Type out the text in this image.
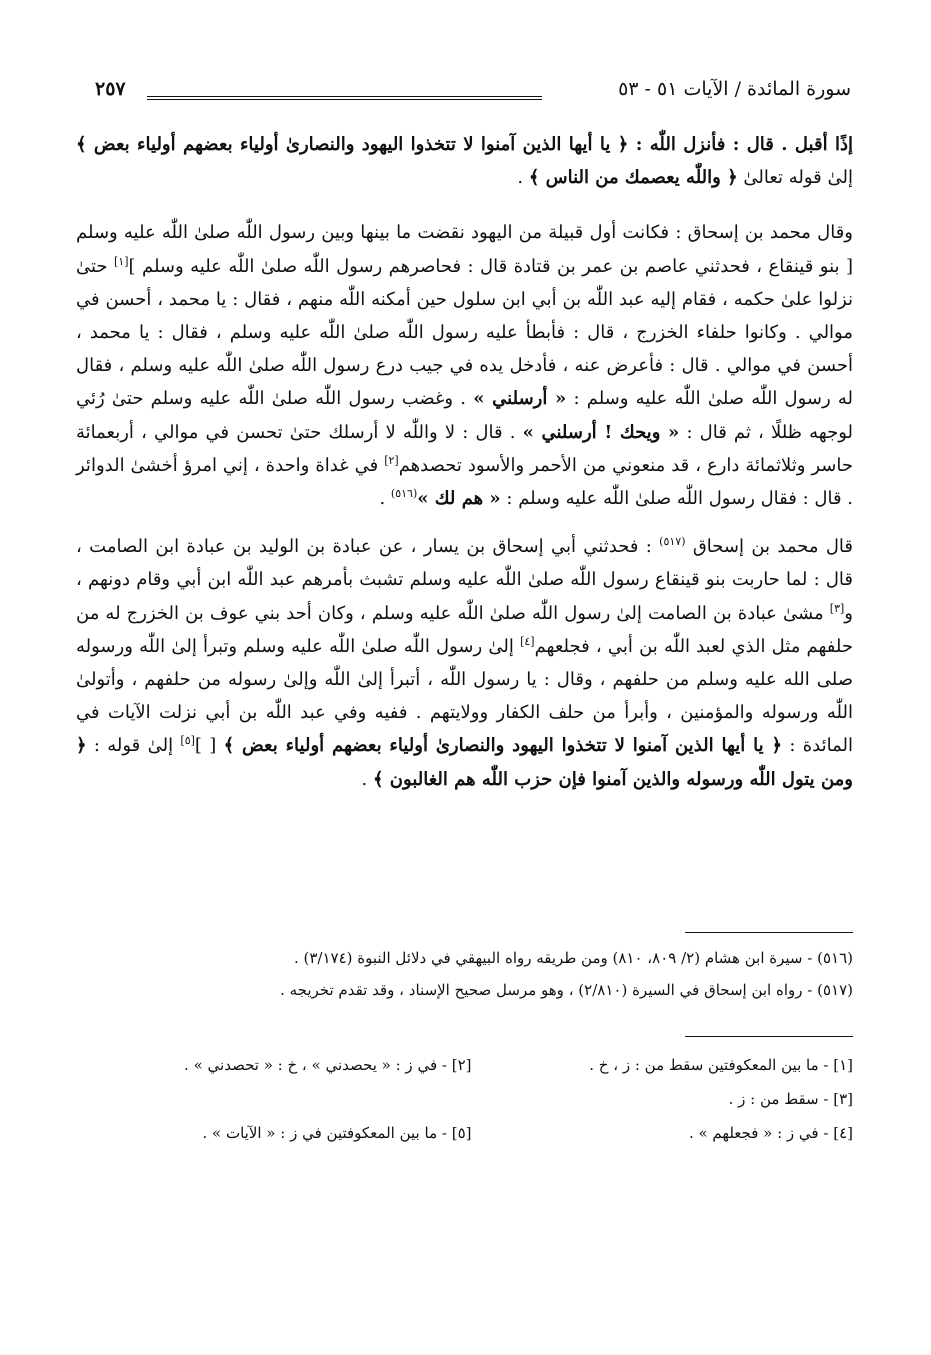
سورة المائدة / الآيات ٥١ - ٥٣
٢٥٧

إذًا أقبل . قال : فأنزل اللّٰه : ﴿ يا أيها الذين آمنوا لا تتخذوا اليهود والنصارىٰ أولياء بعضهم أولياء بعض ﴾ إلىٰ قوله تعالىٰ ﴿ واللّٰه يعصمك من الناس ﴾ .

وقال محمد بن إسحاق : فكانت أول قبيلة من اليهود نقضت ما بينها وبين رسول اللّٰه صلىٰ اللّٰه عليه وسلم [ بنو قينقاع ، فحدثني عاصم بن عمر بن قتادة قال : فحاصرهم رسول اللّٰه صلىٰ اللّٰه عليه وسلم ][١] حتىٰ نزلوا علىٰ حكمه ، فقام إليه عبد اللّٰه بن أبي ابن سلول حين أمكنه اللّٰه منهم ، فقال : يا محمد ، أحسن في موالي . وكانوا حلفاء الخزرج ، قال : فأبطأ عليه رسول اللّٰه صلىٰ اللّٰه عليه وسلم ، فقال : يا محمد ، أحسن في موالي . قال : فأعرض عنه ، فأدخل يده في جيب درع رسول اللّٰه صلىٰ اللّٰه عليه وسلم ، فقال له رسول اللّٰه صلىٰ اللّٰه عليه وسلم : « أرسلني » . وغضب رسول اللّٰه صلىٰ اللّٰه عليه وسلم حتىٰ رُئي لوجهه ظللًا ، ثم قال : « ويحك ! أرسلني » . قال : لا واللّٰه لا أرسلك حتىٰ تحسن في موالي ، أربعمائة حاسر وثلاثمائة دارع ، قد منعوني من الأحمر والأسود تحصدهم[٢] في غداة واحدة ، إني امرؤ أخشىٰ الدوائر . قال : فقال رسول اللّٰه صلىٰ اللّٰه عليه وسلم : « هم لك »$^{(٥١٦)}$ .

قال محمد بن إسحاق $^{(٥١٧)}$ : فحدثني أبي إسحاق بن يسار ، عن عبادة بن الوليد بن عبادة ابن الصامت ، قال : لما حاربت بنو قينقاع رسول اللّٰه صلىٰ اللّٰه عليه وسلم تشبث بأمرهم عبد اللّٰه ابن أبي وقام دونهم ، و[٣] مشىٰ عبادة بن الصامت إلىٰ رسول اللّٰه صلىٰ اللّٰه عليه وسلم ، وكان أحد بني عوف بن الخزرج له من حلفهم مثل الذي لعبد اللّٰه بن أبي ، فجلعهم[٤] إلىٰ رسول اللّٰه صلىٰ اللّٰه عليه وسلم وتبرأ إلىٰ اللّٰه ورسوله صلى الله عليه وسلم من حلفهم ، وقال : يا رسول اللّٰه ، أتبرأ إلىٰ اللّٰه وإلىٰ رسوله من حلفهم ، وأتولىٰ اللّٰه ورسوله والمؤمنين ، وأبرأ من حلف الكفار وولايتهم . ففيه وفي عبد اللّٰه بن أبي نزلت الآيات في المائدة : ﴿ يا أيها الذين آمنوا لا تتخذوا اليهود والنصارىٰ أولياء بعضهم أولياء بعض ﴾ [ ][٥] إلىٰ قوله : ﴿ ومن يتول اللّٰه ورسوله والذين آمنوا فإن حزب اللّٰه هم الغالبون ﴾ .

(٥١٦) - سيرة ابن هشام (٢/ ٨٠٩، ٨١٠) ومن طريقه رواه البيهقي في دلائل النبوة (٣/١٧٤) .
(٥١٧) - رواه ابن إسحاق في السيرة (٢/٨١٠) ، وهو مرسل صحيح الإسناد ، وقد تقدم تخريجه .
[١] - ما بين المعكوفتين سقط من : ز ، خ .
[٢] - في ز : « يحصدني » ، خ : « تحصدني » .
[٣] - سقط من : ز .
[٤] - في ز : « فجعلهم » .
[٥] - ما بين المعكوفتين في ز : « الآيات » .
